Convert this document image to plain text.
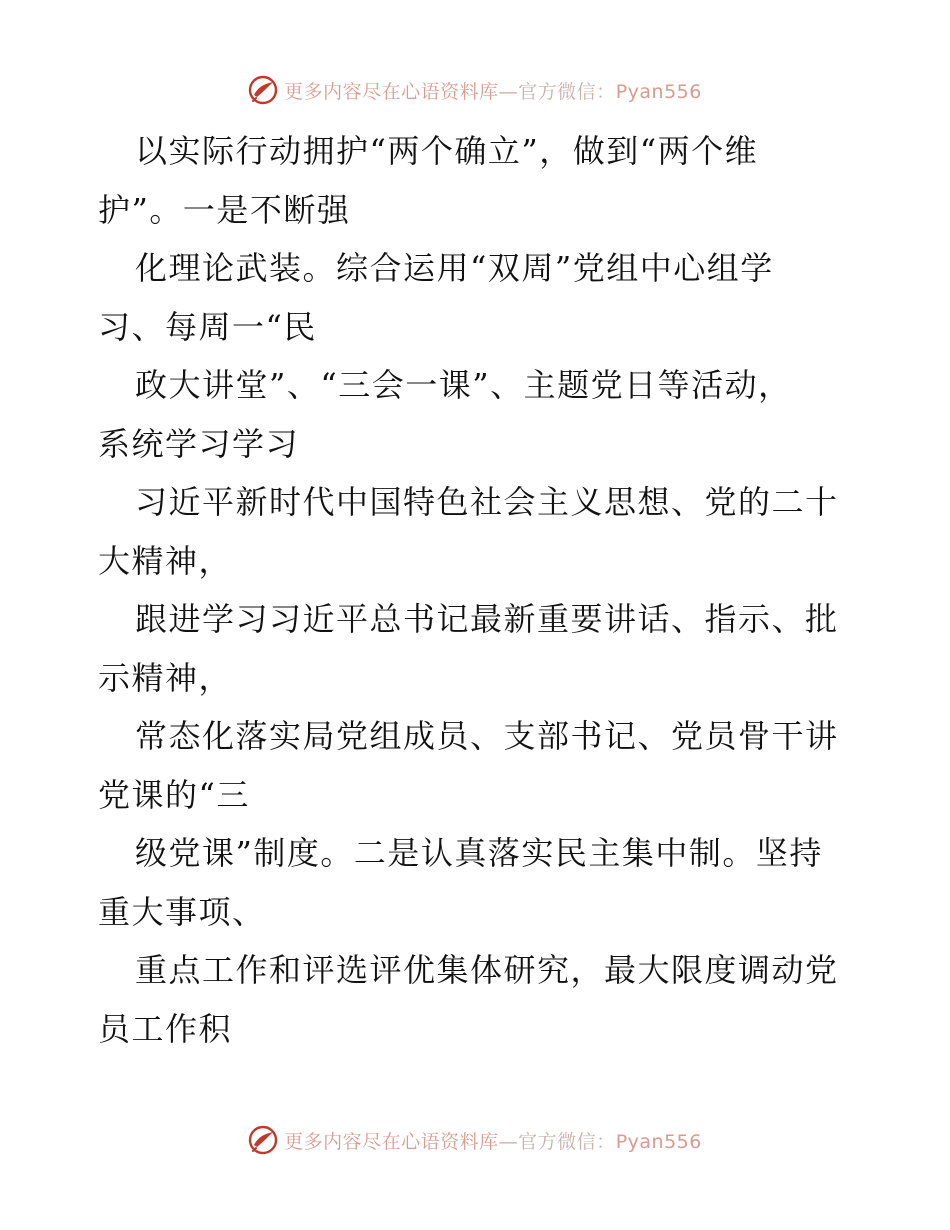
更多内容尽在心语资料库—官方微信：Pyan556
以实际行动拥护“两个确立”，做到“两个维
护”。一是不断强
化理论武装。综合运用“双周”党组中心组学
习、每周一“民
政大讲堂”、“三会一课”、主题党日等活动，
系统学习学习
习近平新时代中国特色社会主义思想、党的二十
大精神，
跟进学习习近平总书记最新重要讲话、指示、批
示精神，
常态化落实局党组成员、支部书记、党员骨干讲
党课的“三
级党课”制度。二是认真落实民主集中制。坚持
重大事项、
重点工作和评选评优集体研究，最大限度调动党
员工作积
更多内容尽在心语资料库—官方微信：Pyan556
